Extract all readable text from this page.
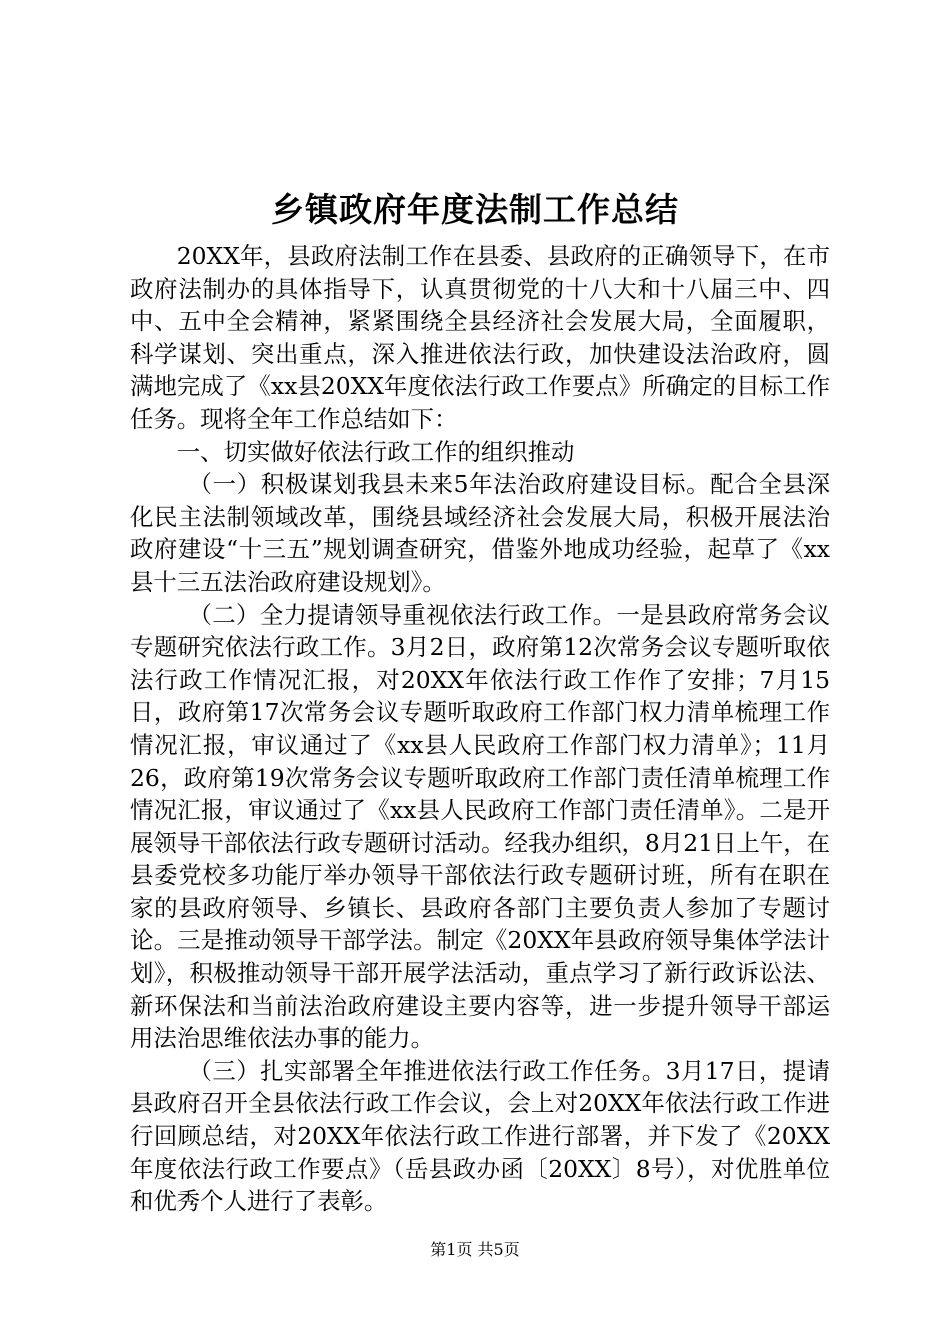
乡镇政府年度法制工作总结

20XX年，县政府法制工作在县委、县政府的正确领导下，在市政府法制办的具体指导下，认真贯彻党的十八大和十八届三中、四中、五中全会精神，紧紧围绕全县经济社会发展大局，全面履职，科学谋划、突出重点，深入推进依法行政，加快建设法治政府，圆满地完成了《xx县20XX年度依法行政工作要点》所确定的目标工作任务。现将全年工作总结如下：

一、切实做好依法行政工作的组织推动

（一）积极谋划我县未来5年法治政府建设目标。配合全县深化民主法制领域改革，围绕县域经济社会发展大局，积极开展法治政府建设“十三五”规划调查研究，借鉴外地成功经验，起草了《xx县十三五法治政府建设规划》。

（二）全力提请领导重视依法行政工作。一是县政府常务会议专题研究依法行政工作。3月2日，政府第12次常务会议专题听取依法行政工作情况汇报，对20XX年依法行政工作作了安排；7月15日，政府第17次常务会议专题听取政府工作部门权力清单梳理工作情况汇报，审议通过了《xx县人民政府工作部门权力清单》；11月26，政府第19次常务会议专题听取政府工作部门责任清单梳理工作情况汇报，审议通过了《xx县人民政府工作部门责任清单》。二是开展领导干部依法行政专题研讨活动。经我办组织，8月21日上午，在县委党校多功能厅举办领导干部依法行政专题研讨班，所有在职在家的县政府领导、乡镇长、县政府各部门主要负责人参加了专题讨论。三是推动领导干部学法。制定《20XX年县政府领导集体学法计划》，积极推动领导干部开展学法活动，重点学习了新行政诉讼法、新环保法和当前法治政府建设主要内容等，进一步提升领导干部运用法治思维依法办事的能力。

（三）扎实部署全年推进依法行政工作任务。3月17日，提请县政府召开全县依法行政工作会议，会上对20XX年依法行政工作进行回顾总结，对20XX年依法行政工作进行部署，并下发了《20XX年度依法行政工作要点》（岳县政办函〔20XX〕8号），对优胜单位和优秀个人进行了表彰。

第1页 共5页
